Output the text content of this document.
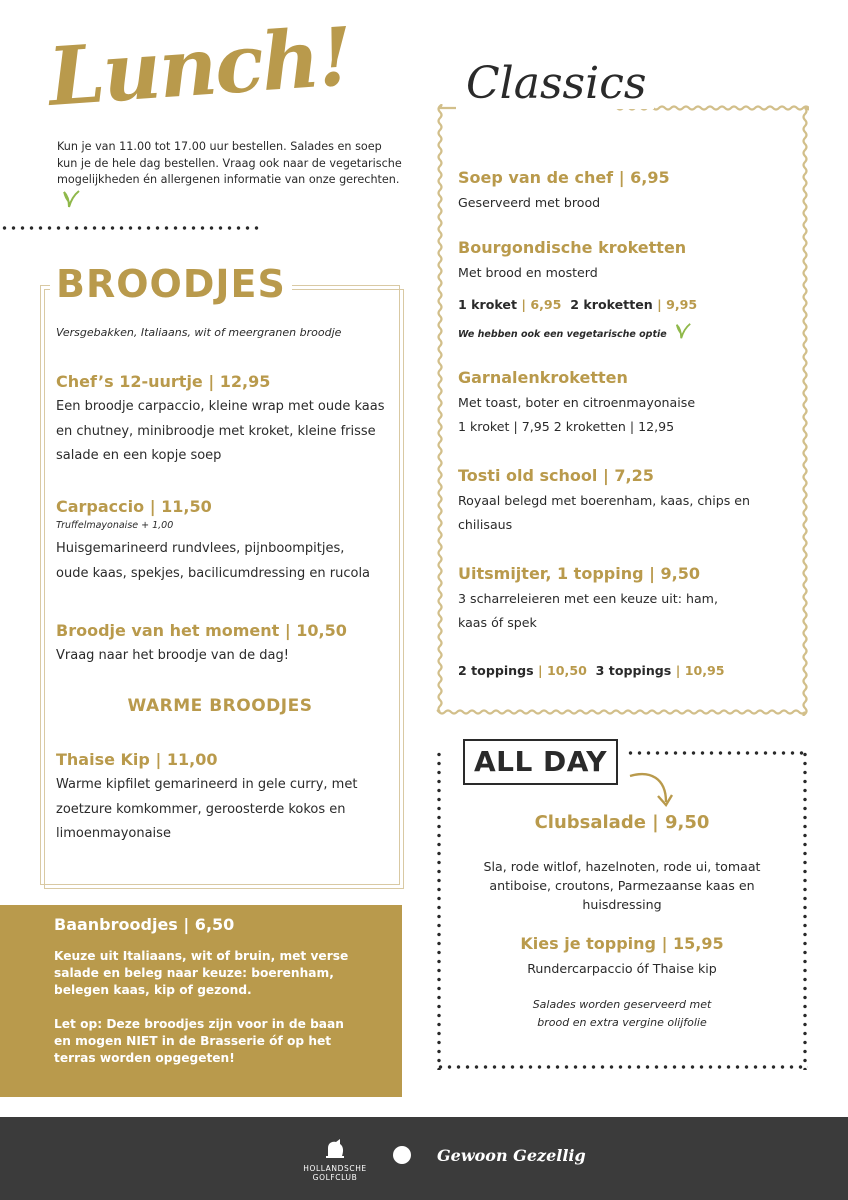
Lunch!
Kun je van 11.00 tot 17.00 uur bestellen. Salades en soep kun je de hele dag bestellen. Vraag ook naar de vegetarische mogelijkheden én allergenen informatie van onze gerechten.
BROODJES
Versgebakken, Italiaans, wit of meergranen broodje
Chef’s 12-uurtje | 12,95
Een broodje carpaccio, kleine wrap met oude kaas en chutney, minibroodje met kroket, kleine frisse salade en een kopje soep
Carpaccio | 11,50
Truffelmayonaise + 1,00
Huisgemarineerd rundvlees, pijnboompitjes, oude kaas, spekjes, bacilicumdressing en rucola
Broodje van het moment | 10,50
Vraag naar het broodje van de dag!
WARME BROODJES
Thaise Kip | 11,00
Warme kipfilet gemarineerd in gele curry, met zoetzure komkommer, geroosterde kokos en limoenmayonaise
Baanbroodjes | 6,50
Keuze uit Italiaans, wit of bruin, met verse salade en beleg naar keuze: boerenham, belegen kaas, kip of gezond.
Let op: Deze broodjes zijn voor in de baan en mogen NIET in de Brasserie óf op het terras worden opgegeten!
Classics
Soep van de chef | 6,95
Geserveerd met brood
Bourgondische kroketten
Met brood en mosterd
1 kroket | 6,95 2 kroketten | 9,95
We hebben ook een vegetarische optie
Garnalenkroketten
Met toast, boter en citroenmayonaise
1 kroket | 7,95 2 kroketten | 12,95
Tosti old school | 7,25
Royaal belegd met boerenham, kaas, chips en chilisaus
Uitsmijter, 1 topping | 9,50
3 scharreleieren met een keuze uit: ham, kaas óf spek
2 toppings | 10,50 3 toppings | 10,95
ALL DAY
Clubsalade | 9,50
Sla, rode witlof, hazelnoten, rode ui, tomaat antiboise, croutons, Parmezaanse kaas en huisdressing
Kies je topping | 15,95
Rundercarpaccio óf Thaise kip
Salades worden geserveerd met brood en extra vergine olijfolie
HOLLANDSCHE
GOLFCLUB
Gewoon Gezellig
